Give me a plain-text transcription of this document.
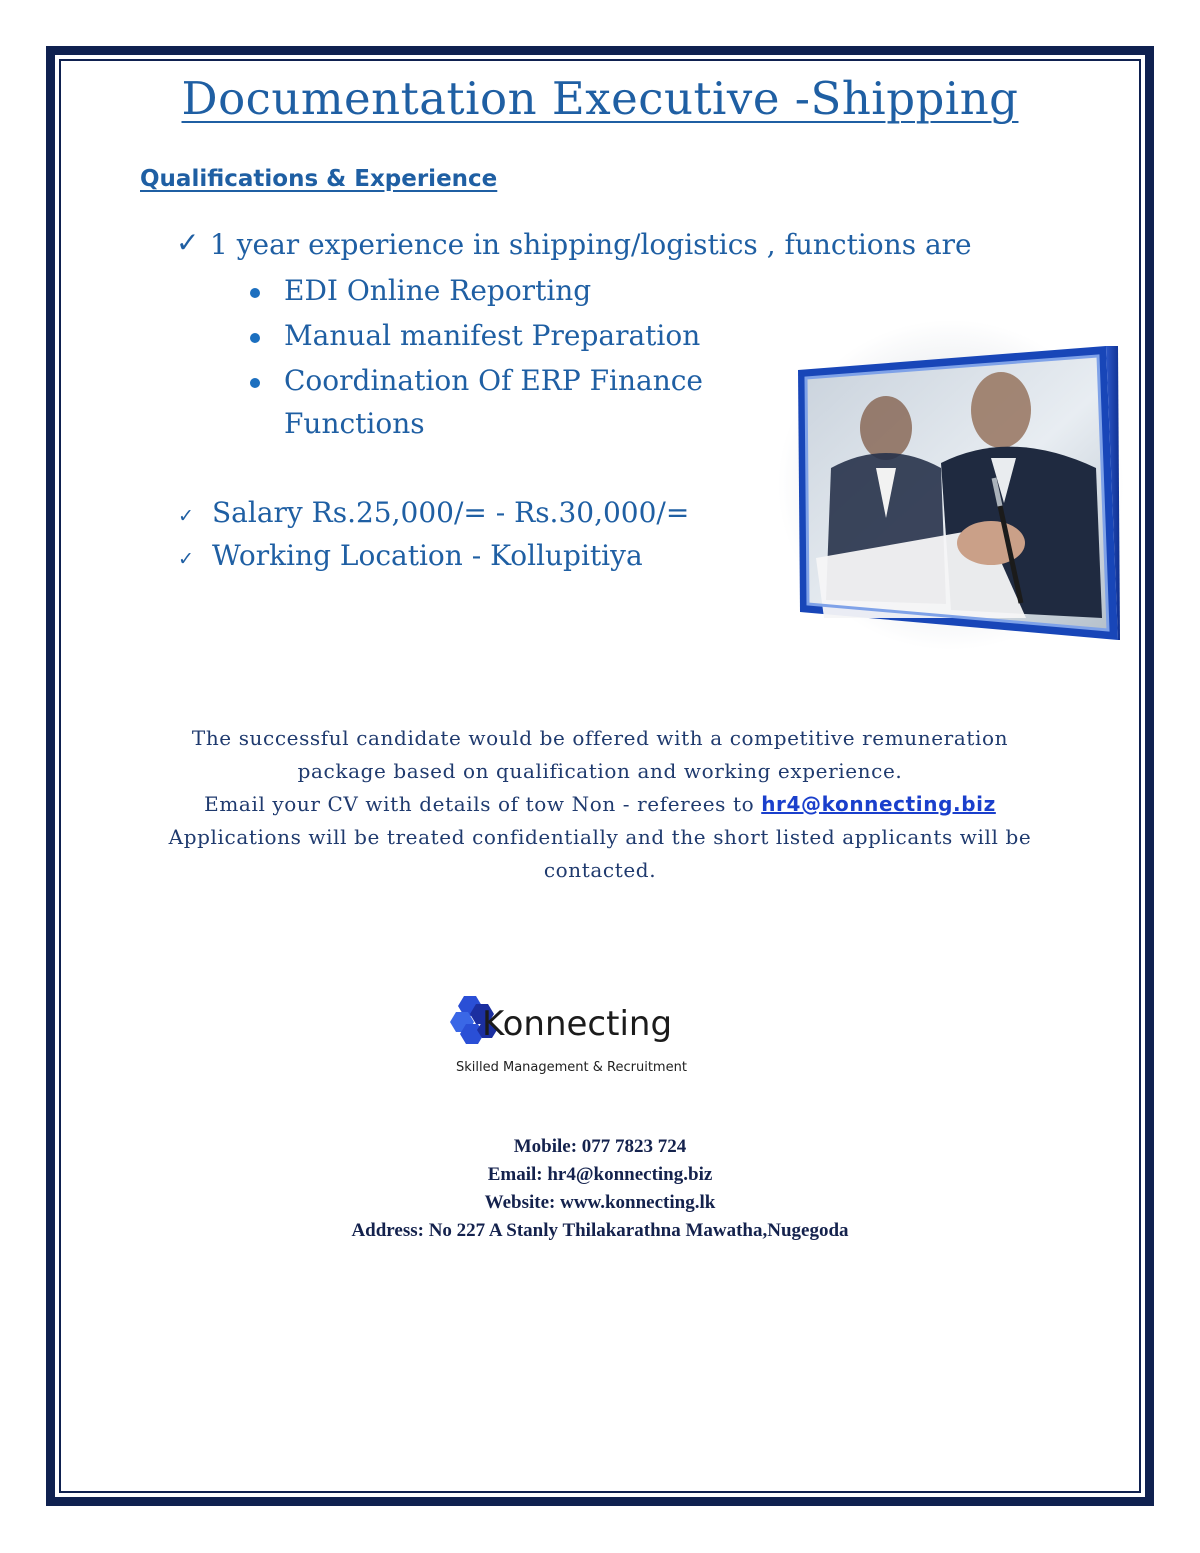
Documentation Executive -Shipping
Qualifications & Experience
✓ 1 year experience in shipping/logistics , functions are
EDI Online Reporting
Manual manifest Preparation
Coordination Of ERP Finance
Functions
✓ Salary Rs.25,000/= - Rs.30,000/=
✓ Working Location - Kollupitiya
The successful candidate would be offered with a competitive remuneration
package based on qualification and working experience.
Email your CV with details of tow Non - referees to hr4@konnecting.biz
Applications will be treated confidentially and the short listed applicants will be
contacted.
Konnecting
Skilled Management & Recruitment
Mobile: 077 7823 724
Email: hr4@konnecting.biz
Website: www.konnecting.lk
Address: No 227 A Stanly Thilakarathna Mawatha,Nugegoda
